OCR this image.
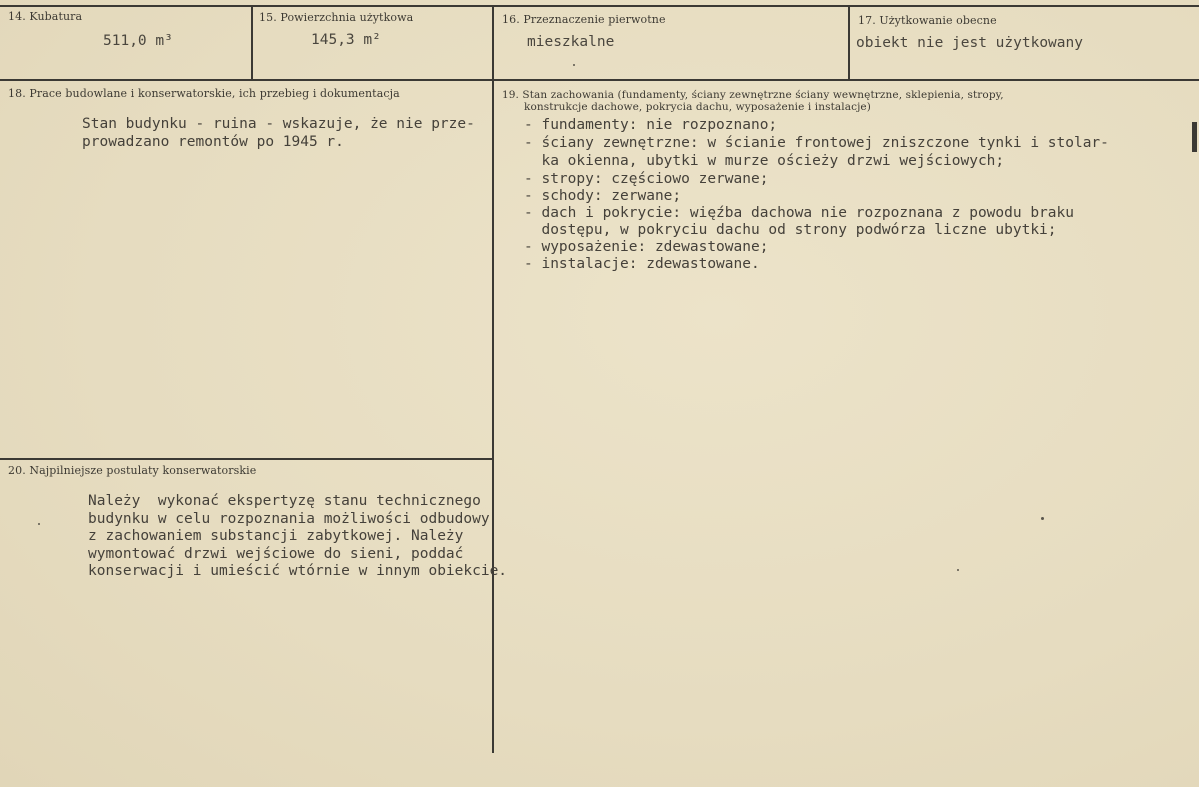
14. Kubatura
511,0 m³
15. Powierzchnia użytkowa
145,3 m²
16. Przeznaczenie pierwotne
mieszkalne
17. Użytkowanie obecne
obiekt nie jest użytkowany
18. Prace budowlane i konserwatorskie, ich przebieg i dokumentacja
Stan budynku - ruina - wskazuje, że nie prze-
prowadzano remontów po 1945 r.
19. Stan zachowania (fundamenty, ściany zewnętrzne ściany wewnętrzne, sklepienia, stropy,
konstrukcje dachowe, pokrycia dachu, wyposażenie i instalacje)
- fundamenty: nie rozpoznano;
- ściany zewnętrzne: w ścianie frontowej zniszczone tynki i stolar-
ka okienna, ubytki w murze ościeży drzwi wejściowych;
- stropy: częściowo zerwane;
- schody: zerwane;
- dach i pokrycie: więźba dachowa nie rozpoznana z powodu braku
dostępu, w pokryciu dachu od strony podwórza liczne ubytki;
- wyposażenie: zdewastowane;
- instalacje: zdewastowane.
20. Najpilniejsze postulaty konserwatorskie
Należy  wykonać ekspertyzę stanu technicznego
budynku w celu rozpoznania możliwości odbudowy
z zachowaniem substancji zabytkowej. Należy
wymontować drzwi wejściowe do sieni, poddać
konserwacji i umieścić wtórnie w innym obiekcie.
